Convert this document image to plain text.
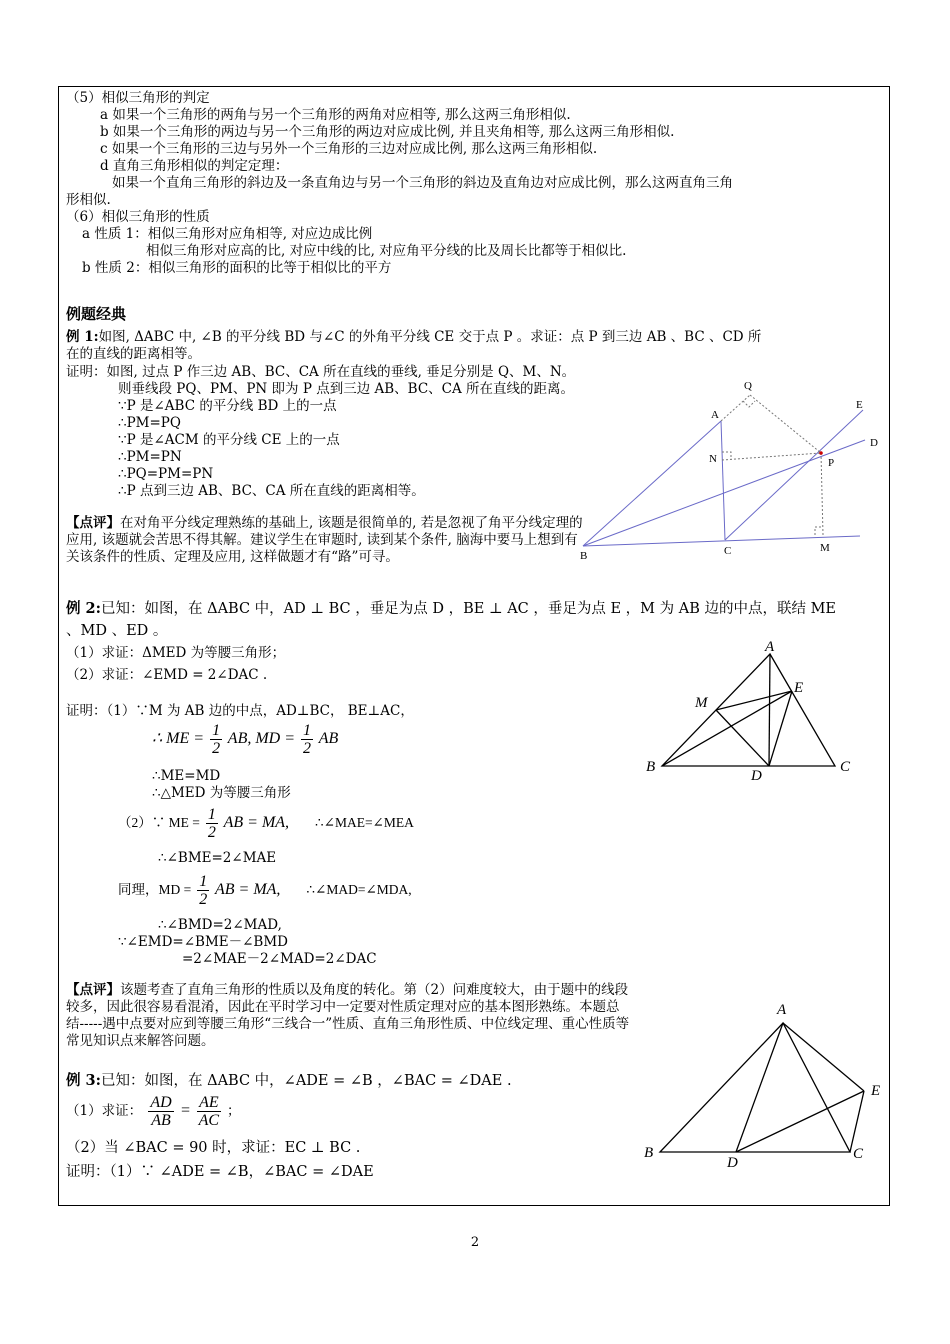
（5）相似三角形的判定
a 如果一个三角形的两角与另一个三角形的两角对应相等, 那么这两三角形相似.
b 如果一个三角形的两边与另一个三角形的两边对应成比例, 并且夹角相等, 那么这两三角形相似.
c 如果一个三角形的三边与另外一个三角形的三边对应成比例, 那么这两三角形相似.
d 直角三角形相似的判定定理：
如果一个直角三角形的斜边及一条直角边与另一个三角形的斜边及直角边对应成比例，那么这两直角三角
形相似.
（6）相似三角形的性质
a 性质 1：相似三角形对应角相等, 对应边成比例
相似三角形对应高的比, 对应中线的比, 对应角平分线的比及周长比都等于相似比.
b 性质 2：相似三角形的面积的比等于相似比的平方
例题经典
例 1:如图, ΔABC 中, ∠B 的平分线 BD 与∠C 的外角平分线 CE 交于点 P 。求证：点 P 到三边 AB 、BC 、CD 所
在的直线的距离相等。
证明：如图, 过点 P 作三边 AB、BC、CA 所在直线的垂线, 垂足分别是 Q、M、N。
则垂线段 PQ、PM、PN 即为 P 点到三边 AB、BC、CA 所在直线的距离。
∵P 是∠ABC 的平分线 BD 上的一点
∴PM=PQ
∵P 是∠ACM 的平分线 CE 上的一点
∴PM=PN
∴PQ=PM=PN
∴P 点到三边 AB、BC、CA 所在直线的距离相等。
【点评】在对角平分线定理熟练的基础上, 该题是很简单的, 若是忽视了角平分线定理的应用, 该题就会苦思不得其解。建议学生在审题时, 读到某个条件, 脑海中要马上想到有关该条件的性质、定理及应用, 这样做题才有“路”可寻。
Q
A
E
D
N	P
B	C	M
例 2:已知：如图，在 ΔABC 中，AD ⊥ BC ，垂足为点 D ，BE ⊥ AC ，垂足为点 E ，M 为 AB 边的中点，联结 ME
、MD 、ED 。
（1）求证：ΔMED 为等腰三角形；
（2）求证：∠EMD = 2∠DAC .
证明：（1）∵M 为 AB 边的中点，AD⊥BC， BE⊥AC，
∴ ME = $\frac{1}{2}$ AB, MD = $\frac{1}{2}$ AB
∴ME=MD
∴△MED 为等腰三角形
（2）∵ ME = $\frac{1}{2}$ AB = MA, ∴∠MAE=∠MEA
∴∠BME=2∠MAE
同理，MD = $\frac{1}{2}$ AB = MA, ∴∠MAD=∠MDA,
∴∠BMD=2∠MAD,
∵∠EMD=∠BME－∠BMD
=2∠MAE－2∠MAD=2∠DAC
【点评】该题考查了直角三角形的性质以及角度的转化。第（2）问难度较大，由于题中的线段较多，因此很容易看混淆，因此在平时学习中一定要对性质定理对应的基本图形熟练。本题总结-----遇中点要对应到等腰三角形“三线合一”性质、直角三角形性质、中位线定理、重心性质等常见知识点来解答问题。
A
M
E
B
D
C
例 3:已知：如图，在 ΔABC 中，∠ADE = ∠B ，∠BAC = ∠DAE .
（1）求证： $\frac{AD}{AB} = \frac{AE}{AC}$ ；
（2）当 ∠BAC = 90 时，求证：EC ⊥ BC .
证明：（1）∵ ∠ADE = ∠B，∠BAC = ∠DAE
A
E
B
D
C
2
